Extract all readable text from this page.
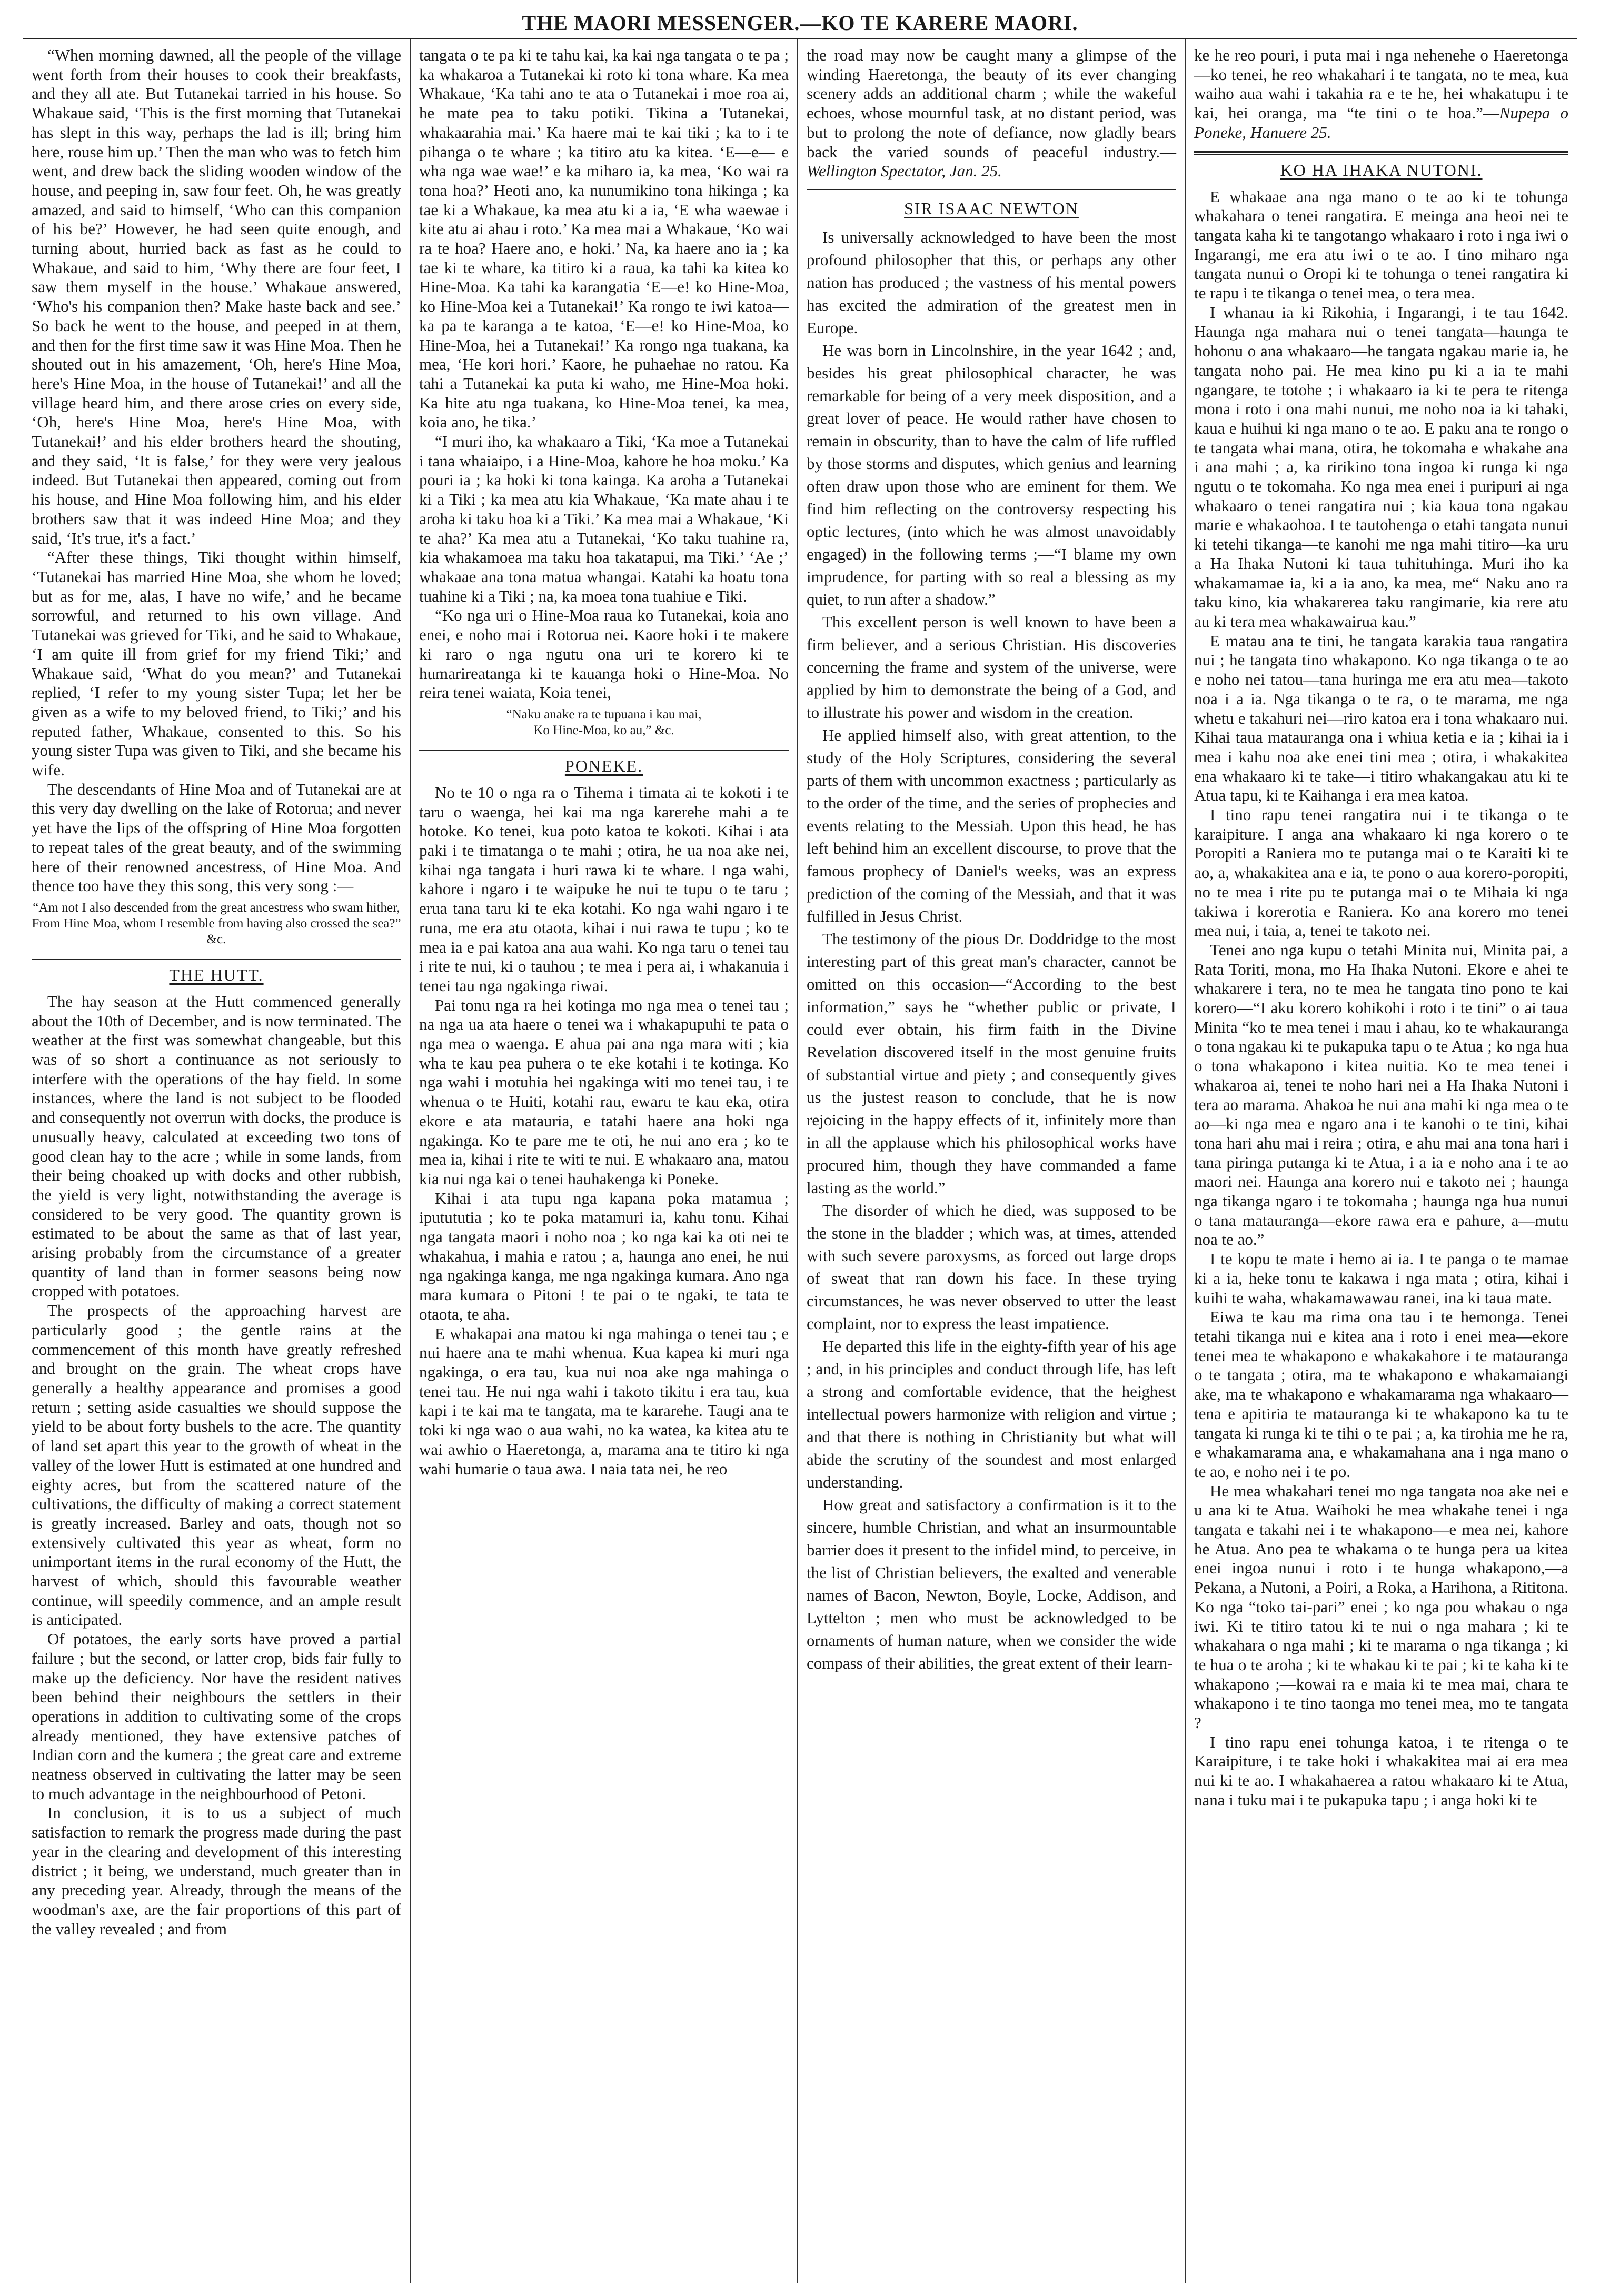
THE MAORI MESSENGER.—KO TE KARERE MAORI.

“When morning dawned, all the people of the village went forth from their houses to cook their breakfasts, and they all ate. But Tutanekai tarried in his house. So Whakaue said, ‘This is the first morning that Tutanekai has slept in this way, perhaps the lad is ill; bring him here, rouse him up.’ Then the man who was to fetch him went, and drew back the sliding wooden window of the house, and peeping in, saw four feet. Oh, he was greatly amazed, and said to himself, ‘Who can this companion of his be?’ However, he had seen quite enough, and turning about, hurried back as fast as he could to Whakaue, and said to him, ‘Why there are four feet, I saw them myself in the house.’ Whakaue answered, ‘Who's his companion then? Make haste back and see.’ So back he went to the house, and peeped in at them, and then for the first time saw it was Hine Moa. Then he shouted out in his amazement, ‘Oh, here's Hine Moa, here's Hine Moa, in the house of Tutanekai!’ and all the village heard him, and there arose cries on every side, ‘Oh, here's Hine Moa, here's Hine Moa, with Tutanekai!’ and his elder brothers heard the shouting, and they said, ‘It is false,’ for they were very jealous indeed. But Tutanekai then appeared, coming out from his house, and Hine Moa following him, and his elder brothers saw that it was indeed Hine Moa; and they said, ‘It's true, it's a fact.’

“After these things, Tiki thought within himself, ‘Tutanekai has married Hine Moa, she whom he loved; but as for me, alas, I have no wife,’ and he became sorrowful, and returned to his own village. And Tutanekai was grieved for Tiki, and he said to Whakaue, ‘I am quite ill from grief for my friend Tiki;’ and Whakaue said, ‘What do you mean?’ and Tutanekai replied, ‘I refer to my young sister Tupa; let her be given as a wife to my beloved friend, to Tiki;’ and his reputed father, Whakaue, consented to this. So his young sister Tupa was given to Tiki, and she became his wife.

The descendants of Hine Moa and of Tutanekai are at this very day dwelling on the lake of Rotorua; and never yet have the lips of the offspring of Hine Moa forgotten to repeat tales of the great beauty, and of the swimming here of their renowned ancestress, of Hine Moa. And thence too have they this song, this very song :—

“Am not I also descended from the great ancestress who swam hither,
From Hine Moa, whom I resemble from having also crossed the sea?” &c.
THE HUTT.

The hay season at the Hutt commenced generally about the 10th of December, and is now terminated. The weather at the first was somewhat changeable, but this was of so short a continuance as not seriously to interfere with the operations of the hay field. In some instances, where the land is not subject to be flooded and consequently not overrun with docks, the produce is unusually heavy, calculated at exceeding two tons of good clean hay to the acre ; while in some lands, from their being choaked up with docks and other rubbish, the yield is very light, notwithstanding the average is considered to be very good. The quantity grown is estimated to be about the same as that of last year, arising probably from the circumstance of a greater quantity of land than in former seasons being now cropped with potatoes.

The prospects of the approaching harvest are particularly good ; the gentle rains at the commencement of this month have greatly refreshed and brought on the grain. The wheat crops have generally a healthy appearance and promises a good return ; setting aside casualties we should suppose the yield to be about forty bushels to the acre. The quantity of land set apart this year to the growth of wheat in the valley of the lower Hutt is estimated at one hundred and eighty acres, but from the scattered nature of the cultivations, the difficulty of making a correct statement is greatly increased. Barley and oats, though not so extensively cultivated this year as wheat, form no unimportant items in the rural economy of the Hutt, the harvest of which, should this favourable weather continue, will speedily commence, and an ample result is anticipated.

Of potatoes, the early sorts have proved a partial failure ; but the second, or latter crop, bids fair fully to make up the deficiency. Nor have the resident natives been behind their neighbours the settlers in their operations in addition to cultivating some of the crops already mentioned, they have extensive patches of Indian corn and the kumera ; the great care and extreme neatness observed in cultivating the latter may be seen to much advantage in the neighbourhood of Petoni.

In conclusion, it is to us a subject of much satisfaction to remark the progress made during the past year in the clearing and development of this interesting district ; it being, we understand, much greater than in any preceding year. Already, through the means of the woodman's axe, are the fair proportions of this part of the valley revealed ; and from

tangata o te pa ki te tahu kai, ka kai nga tangata o te pa ; ka whakaroa a Tutanekai ki roto ki tona whare. Ka mea Whakaue, ‘Ka tahi ano te ata o Tutanekai i moe roa ai, he mate pea to taku potiki. Tikina a Tutanekai, whakaarahia mai.’ Ka haere mai te kai tiki ; ka to i te pihanga o te whare ; ka titiro atu ka kitea. ‘E—e— e wha nga wae wae!’ e ka miharo ia, ka mea, ‘Ko wai ra tona hoa?’ Heoti ano, ka nunumikino tona hikinga ; ka tae ki a Whakaue, ka mea atu ki a ia, ‘E wha waewae i kite atu ai ahau i roto.’ Ka mea mai a Whakaue, ‘Ko wai ra te hoa? Haere ano, e hoki.’ Na, ka haere ano ia ; ka tae ki te whare, ka titiro ki a raua, ka tahi ka kitea ko Hine-Moa. Ka tahi ka karangatia ‘E—e! ko Hine-Moa, ko Hine-Moa kei a Tutanekai!’ Ka rongo te iwi katoa—ka pa te karanga a te katoa, ‘E—e! ko Hine-Moa, ko Hine-Moa, hei a Tutanekai!’ Ka rongo nga tuakana, ka mea, ‘He kori hori.’ Kaore, he puhaehae no ratou. Ka tahi a Tutanekai ka puta ki waho, me Hine-Moa hoki. Ka hite atu nga tuakana, ko Hine-Moa tenei, ka mea, koia ano, he tika.’

“I muri iho, ka whakaaro a Tiki, ‘Ka moe a Tutanekai i tana whaiaipo, i a Hine-Moa, kahore he hoa moku.’ Ka pouri ia ; ka hoki ki tona kainga. Ka aroha a Tutanekai ki a Tiki ; ka mea atu kia Whakaue, ‘Ka mate ahau i te aroha ki taku hoa ki a Tiki.’ Ka mea mai a Whakaue, ‘Ki te aha?’ Ka mea atu a Tutanekai, ‘Ko taku tuahine ra, kia whakamoea ma taku hoa takatapui, ma Tiki.’ ‘Ae ;’ whakaae ana tona matua whangai. Katahi ka hoatu tona tuahine ki a Tiki ; na, ka moea tona tuahiue e Tiki.

“Ko nga uri o Hine-Moa raua ko Tutanekai, koia ano enei, e noho mai i Rotorua nei. Kaore hoki i te makere ki raro o nga ngutu ona uri te korero ki te humarireatanga ki te kauanga hoki o Hine-Moa. No reira tenei waiata, Koia tenei,

“Naku anake ra te tupuana i kau mai,
Ko Hine-Moa, ko au,” &c.
PONEKE.

No te 10 o nga ra o Tihema i timata ai te kokoti i te taru o waenga, hei kai ma nga karerehe mahi a te hotoke. Ko tenei, kua poto katoa te kokoti. Kihai i ata paki i te timatanga o te mahi ; otira, he ua noa ake nei, kihai nga tangata i huri rawa ki te whare. I nga wahi, kahore i ngaro i te waipuke he nui te tupu o te taru ; erua tana taru ki te eka kotahi. Ko nga wahi ngaro i te runa, me era atu otaota, kihai i nui rawa te tupu ; ko te mea ia e pai katoa ana aua wahi. Ko nga taru o tenei tau i rite te nui, ki o tauhou ; te mea i pera ai, i whakanuia i tenei tau nga ngakinga riwai.

Pai tonu nga ra hei kotinga mo nga mea o tenei tau ; na nga ua ata haere o tenei wa i whakapupuhi te pata o nga mea o waenga. E ahua pai ana nga mara witi ; kia wha te kau pea puhera o te eke kotahi i te kotinga. Ko nga wahi i motuhia hei ngakinga witi mo tenei tau, i te whenua o te Huiti, kotahi rau, ewaru te kau eka, otira ekore e ata matauria, e tatahi haere ana hoki nga ngakinga. Ko te pare me te oti, he nui ano era ; ko te mea ia, kihai i rite te witi te nui. E whakaaro ana, matou kia nui nga kai o tenei hauhakenga ki Poneke.

Kihai i ata tupu nga kapana poka matamua ; iputututia ; ko te poka matamuri ia, kahu tonu. Kihai nga tangata maori i noho noa ; ko nga kai ka oti nei te whakahua, i mahia e ratou ; a, haunga ano enei, he nui nga ngakinga kanga, me nga ngakinga kumara. Ano nga mara kumara o Pitoni ! te pai o te ngaki, te tata te otaota, te aha.

E whakapai ana matou ki nga mahinga o tenei tau ; e nui haere ana te mahi whenua. Kua kapea ki muri nga ngakinga, o era tau, kua nui noa ake nga mahinga o tenei tau. He nui nga wahi i takoto tikitu i era tau, kua kapi i te kai ma te tangata, ma te kararehe. Taugi ana te toki ki nga wao o aua wahi, no ka watea, ka kitea atu te wai awhio o Haeretonga, a, marama ana te titiro ki nga wahi humarie o taua awa. I naia tata nei, he reo

the road may now be caught many a glimpse of the winding Haeretonga, the beauty of its ever changing scenery adds an additional charm ; while the wakeful echoes, whose mournful task, at no distant period, was but to prolong the note of defiance, now gladly bears back the varied sounds of peaceful industry.—Wellington Spectator, Jan. 25.

SIR ISAAC NEWTON

Is universally acknowledged to have been the most profound philosopher that this, or perhaps any other nation has produced ; the vastness of his mental powers has excited the admiration of the greatest men in Europe.

He was born in Lincolnshire, in the year 1642 ; and, besides his great philosophical character, he was remarkable for being of a very meek disposition, and a great lover of peace. He would rather have chosen to remain in obscurity, than to have the calm of life ruffled by those storms and disputes, which genius and learning often draw upon those who are eminent for them. We find him reflecting on the controversy respecting his optic lectures, (into which he was almost unavoidably engaged) in the following terms ;—“I blame my own imprudence, for parting with so real a blessing as my quiet, to run after a shadow.”

This excellent person is well known to have been a firm believer, and a serious Christian. His discoveries concerning the frame and system of the universe, were applied by him to demonstrate the being of a God, and to illustrate his power and wisdom in the creation.

He applied himself also, with great attention, to the study of the Holy Scriptures, considering the several parts of them with uncommon exactness ; particularly as to the order of the time, and the series of prophecies and events relating to the Messiah. Upon this head, he has left behind him an excellent discourse, to prove that the famous prophecy of Daniel's weeks, was an express prediction of the coming of the Messiah, and that it was fulfilled in Jesus Christ.

The testimony of the pious Dr. Doddridge to the most interesting part of this great man's character, cannot be omitted on this occasion—“According to the best information,” says he “whether public or private, I could ever obtain, his firm faith in the Divine Revelation discovered itself in the most genuine fruits of substantial virtue and piety ; and consequently gives us the justest reason to conclude, that he is now rejoicing in the happy effects of it, infinitely more than in all the applause which his philosophical works have procured him, though they have commanded a fame lasting as the world.”

The disorder of which he died, was supposed to be the stone in the bladder ; which was, at times, attended with such severe paroxysms, as forced out large drops of sweat that ran down his face. In these trying circumstances, he was never observed to utter the least complaint, nor to express the least impatience.

He departed this life in the eighty-fifth year of his age ; and, in his principles and conduct through life, has left a strong and comfortable evidence, that the heighest intellectual powers harmonize with religion and virtue ; and that there is nothing in Christianity but what will abide the scrutiny of the soundest and most enlarged understanding.

How great and satisfactory a confirmation is it to the sincere, humble Christian, and what an insurmountable barrier does it present to the infidel mind, to perceive, in the list of Christian believers, the exalted and venerable names of Bacon, Newton, Boyle, Locke, Addison, and Lyttelton ; men who must be acknowledged to be ornaments of human nature, when we consider the wide compass of their abilities, the great extent of their learn-

ke he reo pouri, i puta mai i nga nehenehe o Haeretonga—ko tenei, he reo whakahari i te tangata, no te mea, kua waiho aua wahi i takahia ra e te he, hei whakatupu i te kai, hei oranga, ma “te tini o te hoa.”—Nupepa o Poneke, Hanuere 25.

KO HA IHAKA NUTONI.

E whakaae ana nga mano o te ao ki te tohunga whakahara o tenei rangatira. E meinga ana heoi nei te tangata kaha ki te tangotango whakaaro i roto i nga iwi o Ingarangi, me era atu iwi o te ao. I tino miharo nga tangata nunui o Oropi ki te tohunga o tenei rangatira ki te rapu i te tikanga o tenei mea, o tera mea.

I whanau ia ki Rikohia, i Ingarangi, i te tau 1642. Haunga nga mahara nui o tenei tangata—haunga te hohonu o ana whakaaro—he tangata ngakau marie ia, he tangata noho pai. He mea kino pu ki a ia te mahi ngangare, te totohe ; i whakaaro ia ki te pera te ritenga mona i roto i ona mahi nunui, me noho noa ia ki tahaki, kaua e huihui ki nga mano o te ao. E paku ana te rongo o te tangata whai mana, otira, he tokomaha e whakahe ana i ana mahi ; a, ka ririkino tona ingoa ki runga ki nga ngutu o te tokomaha. Ko nga mea enei i puripuri ai nga whakaaro o tenei rangatira nui ; kia kaua tona ngakau marie e whakaohoa. I te tautohenga o etahi tangata nunui ki tetehi tikanga—te kanohi me nga mahi titiro—ka uru a Ha Ihaka Nutoni ki taua tuhituhinga. Muri iho ka whakamamae ia, ki a ia ano, ka mea, me“ Naku ano ra taku kino, kia whakarerea taku rangimarie, kia rere atu au ki tera mea whakawairua kau.”

E matau ana te tini, he tangata karakia taua rangatira nui ; he tangata tino whakapono. Ko nga tikanga o te ao e noho nei tatou—tana huringa me era atu mea—takoto noa i a ia. Nga tikanga o te ra, o te marama, me nga whetu e takahuri nei—riro katoa era i tona whakaaro nui. Kihai taua matauranga ona i whiua ketia e ia ; kihai ia i mea i kahu noa ake enei tini mea ; otira, i whakakitea ena whakaaro ki te take—i titiro whakangakau atu ki te Atua tapu, ki te Kaihanga i era mea katoa.

I tino rapu tenei rangatira nui i te tikanga o te karaipiture. I anga ana whakaaro ki nga korero o te Poropiti a Raniera mo te putanga mai o te Karaiti ki te ao, a, whakakitea ana e ia, te pono o aua korero-poropiti, no te mea i rite pu te putanga mai o te Mihaia ki nga takiwa i korerotia e Raniera. Ko ana korero mo tenei mea nui, i taia, a, tenei te takoto nei.

Tenei ano nga kupu o tetahi Minita nui, Minita pai, a Rata Toriti, mona, mo Ha Ihaka Nutoni. Ekore e ahei te whakarere i tera, no te mea he tangata tino pono te kai korero—“I aku korero kohikohi i roto i te tini” o ai taua Minita “ko te mea tenei i mau i ahau, ko te whakauranga o tona ngakau ki te pukapuka tapu o te Atua ; ko nga hua o tona whakapono i kitea nuitia. Ko te mea tenei i whakaroa ai, tenei te noho hari nei a Ha Ihaka Nutoni i tera ao marama. Ahakoa he nui ana mahi ki nga mea o te ao—ki nga mea e ngaro ana i te kanohi o te tini, kihai tona hari ahu mai i reira ; otira, e ahu mai ana tona hari i tana piringa putanga ki te Atua, i a ia e noho ana i te ao maori nei. Haunga ana korero nui e takoto nei ; haunga nga tikanga ngaro i te tokomaha ; haunga nga hua nunui o tana matauranga—ekore rawa era e pahure, a—mutu noa te ao.”

I te kopu te mate i hemo ai ia. I te panga o te mamae ki a ia, heke tonu te kakawa i nga mata ; otira, kihai i kuihi te waha, whakamawawau ranei, ina ki taua mate.

Eiwa te kau ma rima ona tau i te hemonga. Tenei tetahi tikanga nui e kitea ana i roto i enei mea—ekore tenei mea te whakapono e whakakahore i te matauranga o te tangata ; otira, ma te whakapono e whakamaiangi ake, ma te whakapono e whakamarama nga whakaaro—tena e apitiria te matauranga ki te whakapono ka tu te tangata ki runga ki te tihi o te pai ; a, ka tirohia me he ra, e whakamarama ana, e whakamahana ana i nga mano o te ao, e noho nei i te po.

He mea whakahari tenei mo nga tangata noa ake nei e u ana ki te Atua. Waihoki he mea whakahe tenei i nga tangata e takahi nei i te whakapono—e mea nei, kahore he Atua. Ano pea te whakama o te hunga pera ua kitea enei ingoa nunui i roto i te hunga whakapono,—a Pekana, a Nutoni, a Poiri, a Roka, a Harihona, a Rititona. Ko nga “toko tai-pari” enei ; ko nga pou whakau o nga iwi. Ki te titiro tatou ki te nui o nga mahara ; ki te whakahara o nga mahi ; ki te marama o nga tikanga ; ki te hua o te aroha ; ki te whakau ki te pai ; ki te kaha ki te whakapono ;—kowai ra e maia ki te mea mai, chara te whakapono i te tino taonga mo tenei mea, mo te tangata ?

I tino rapu enei tohunga katoa, i te ritenga o te Karaipiture, i te take hoki i whakakitea mai ai era mea nui ki te ao. I whakahaerea a ratou whakaaro ki te Atua, nana i tuku mai i te pukapuka tapu ; i anga hoki ki te
